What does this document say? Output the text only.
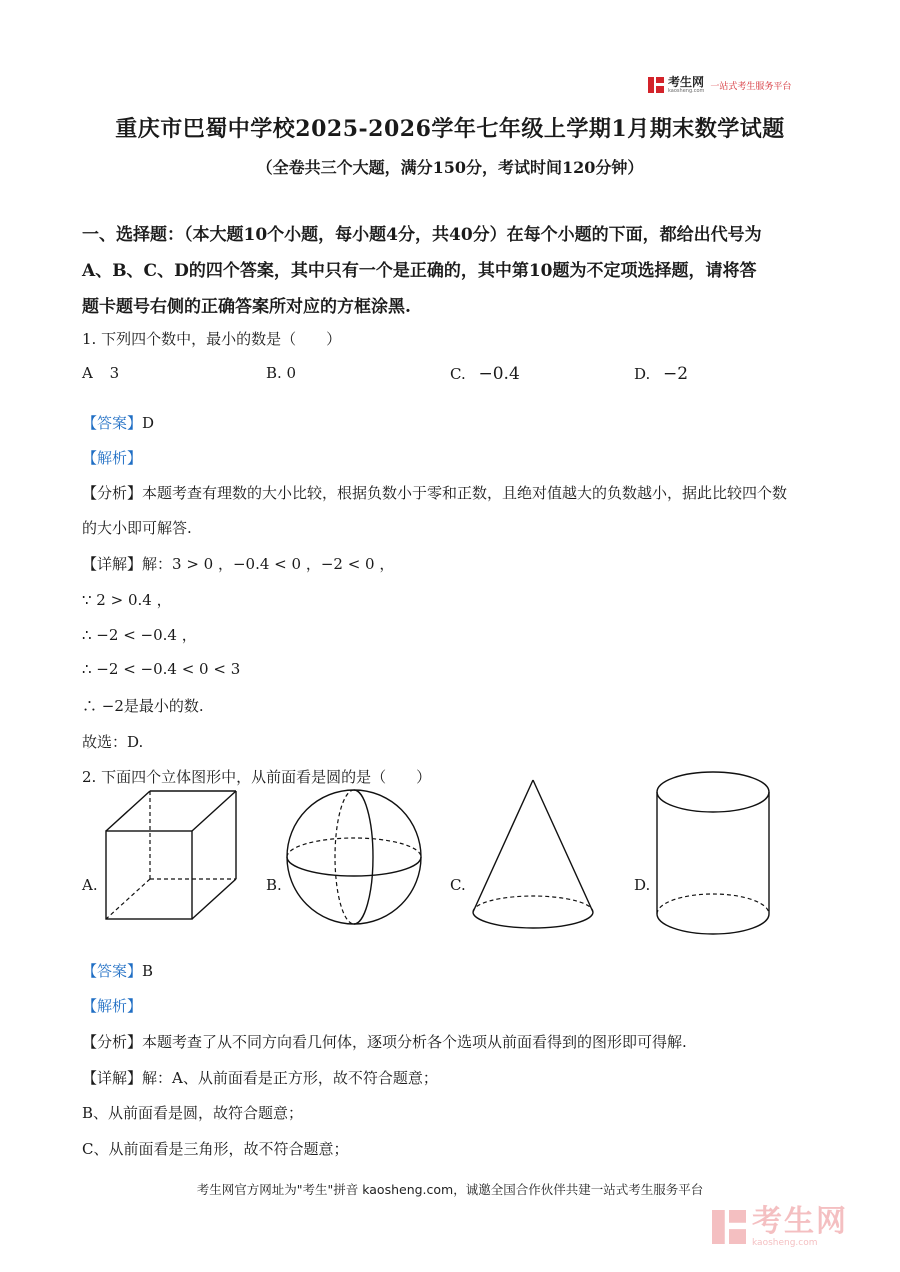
考生网
kaosheng.com 一站式考生服务平台
重庆市巴蜀中学校2025-2026学年七年级上学期1月期末数学试题
（全卷共三个大题，满分150分，考试时间120分钟）
一、选择题：（本大题10个小题，每小题4分，共40分）在每个小题的下面，都给出代号为
A、B、C、D的四个答案，其中只有一个是正确的，其中第10题为不定项选择题，请将答
题卡题号右侧的正确答案所对应的方框涂黑.
1. 下列四个数中，最小的数是（　　）
A 3	B. 0	C. −0.4	D. −2
【答案】D
【解析】
【分析】本题考查有理数的大小比较，根据负数小于零和正数，且绝对值越大的负数越小，据此比较四个数
的大小即可解答.
【详解】解：3 > 0 ，−0.4 < 0 ，−2 < 0 ，
∵ 2 > 0.4 ，
∴ −2 < −0.4 ，
∴ −2 < −0.4 < 0 < 3
∴ −2是最小的数.
故选：D.
2. 下面四个立体图形中，从前面看是圆的是（　　）
A.	B.	C.	D.
【答案】B
【解析】
【分析】本题考查了从不同方向看几何体，逐项分析各个选项从前面看得到的图形即可得解.
【详解】解：A、从前面看是正方形，故不符合题意；
B、从前面看是圆，故符合题意；
C、从前面看是三角形，故不符合题意；
考生网官方网址为"考生"拼音 kaosheng.com，诚邀全国合作伙伴共建一站式考生服务平台
考生网
kaosheng.com
